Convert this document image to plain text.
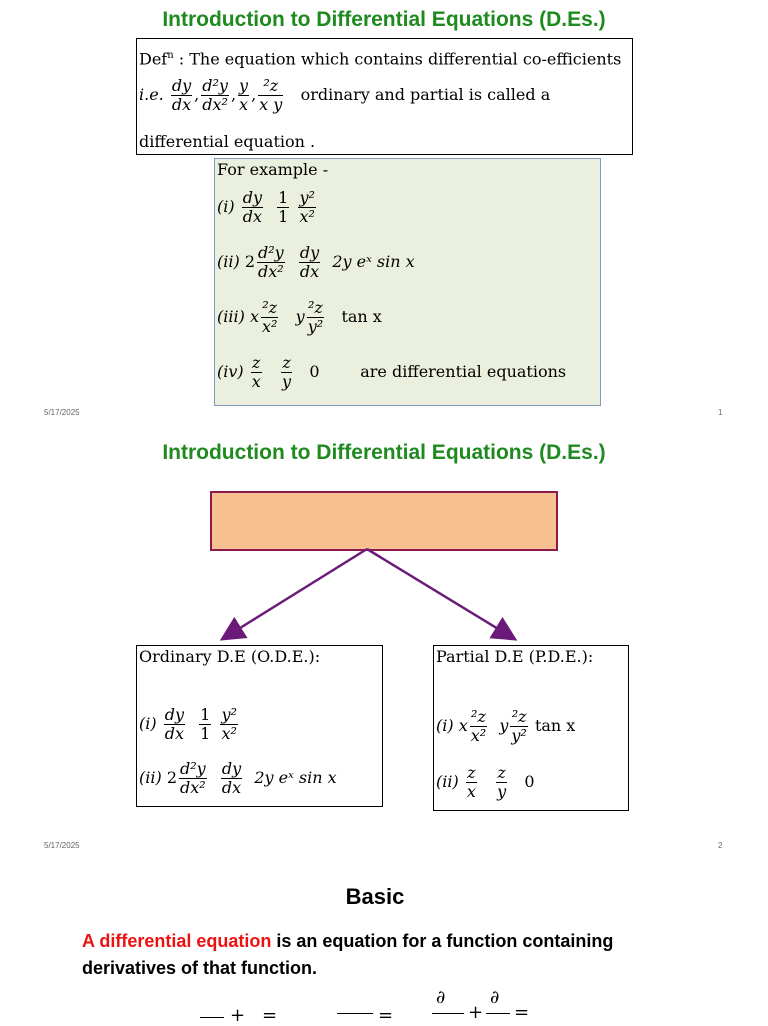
Introduction to Differential Equations (D.Es.)
Def$^n$ : The equation which contains differential co-efficients
i.e. $\frac{dy}{dx}$ , $\frac{\text{d²y}}{\text{dx²}}$ , $\frac{y}{x}$ , $\frac{\text{²z}}{\text{x y}}$ ordinary and partial is called a
differential equation .
For example -
$(i) \frac{dy}{dx}$
$\frac{1}{1}$
$\frac{\text{y²}}{\text{x²}}$
(ii) $2 \frac{\text{d²y}}{\text{dx²}}$
$\frac{dy}{dx} 2y$ eˣ sin x
(iii) x $\frac{\text{²z}}{\text{x²}}$ y $\frac{\text{²z}}{\text{y²}}$ tan x
$(iv) \frac{z}{x}$
$\frac{z}{y} 0$	are differential equations
5/17/2025	1
Introduction to Differential Equations (D.Es.)
Ordinary D.E (O.D.E.):
$(i) \frac{dy}{dx}$
$\frac{1}{1}$
$\frac{\text{y²}}{\text{x²}}$
(ii) $2 \frac{\text{d²y}}{\text{dx²}}$
$\frac{dy}{dx} 2y$ eˣ sin x
Partial D.E (P.D.E.):
(i) x $\frac{\text{²z}}{\text{x²}}$ y $\frac{\text{²z}}{\text{y²}}$ tan x
$(ii) \frac{z}{x}$
$\frac{z}{y} 0$
5/17/2025	2
Basic
A differential equation is an equation for a function containing derivatives of that function.
+ =	=
∂
+
∂
=
